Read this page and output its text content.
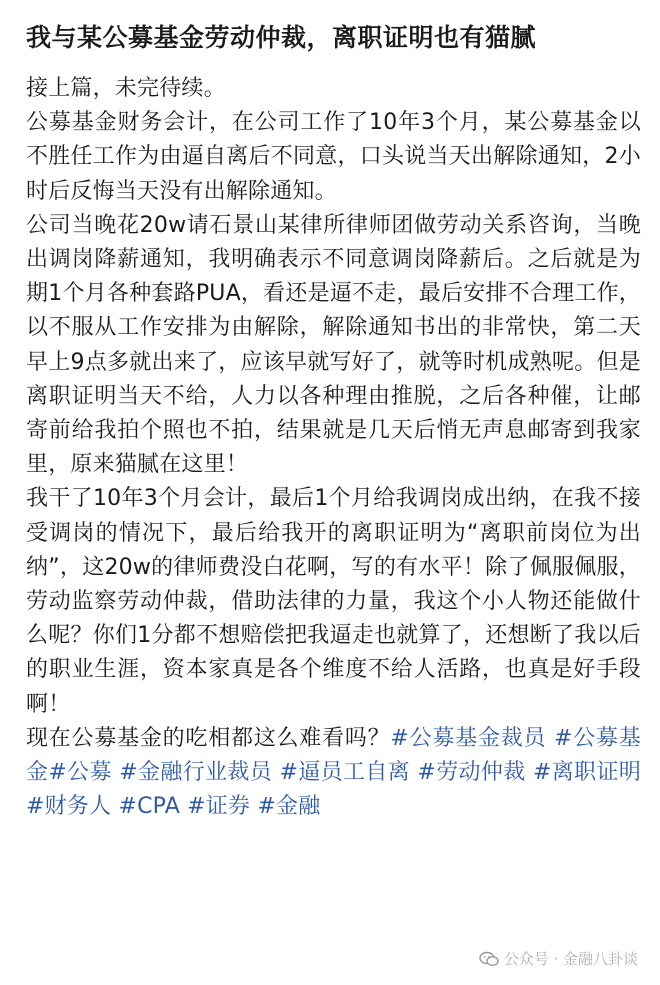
我与某公募基金劳动仲裁，离职证明也有猫腻

接上篇，未完待续。

公募基金财务会计，在公司工作了10年3个月，某公募基金以不胜任工作为由逼自离后不同意，口头说当天出解除通知，2小时后反悔当天没有出解除通知。

公司当晚花20w请石景山某律所律师团做劳动关系咨询，当晚出调岗降薪通知，我明确表示不同意调岗降薪后。之后就是为期1个月各种套路PUA，看还是逼不走，最后安排不合理工作，以不服从工作安排为由解除，解除通知书出的非常快，第二天早上9点多就出来了，应该早就写好了，就等时机成熟呢。但是离职证明当天不给，人力以各种理由推脱，之后各种催，让邮寄前给我拍个照也不拍，结果就是几天后悄无声息邮寄到我家里，原来猫腻在这里！

我干了10年3个月会计，最后1个月给我调岗成出纳，在我不接受调岗的情况下，最后给我开的离职证明为“离职前岗位为出纳”，这20w的律师费没白花啊，写的有水平！除了佩服佩服，劳动监察劳动仲裁，借助法律的力量，我这个小人物还能做什么呢？你们1分都不想赔偿把我逼走也就算了，还想断了我以后的职业生涯，资本家真是各个维度不给人活路，也真是好手段啊！

现在公募基金的吃相都这么难看吗？#公募基金裁员 #公募基金#公募 #金融行业裁员 #逼员工自离 #劳动仲裁 #离职证明 #财务人 #CPA #证券 #金融

公众号 · 金融八卦谈
